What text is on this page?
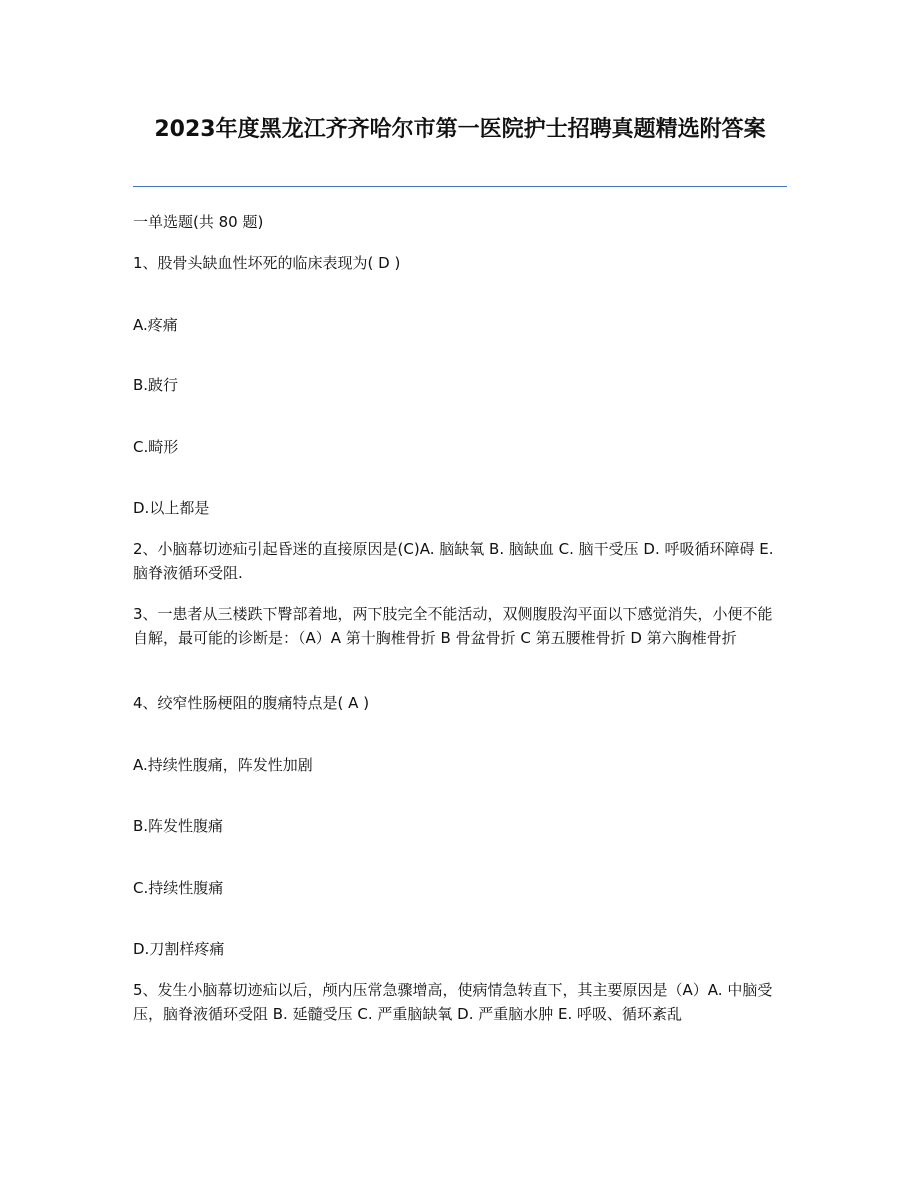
2023年度黑龙江齐齐哈尔市第一医院护士招聘真题精选附答案
一单选题(共 80 题)
1、股骨头缺血性坏死的临床表现为( D )
A.疼痛
B.跛行
C.畸形
D.以上都是
2、小脑幕切迹疝引起昏迷的直接原因是(C)A. 脑缺氧 B. 脑缺血 C. 脑干受压 D. 呼吸循环障碍 E. 脑脊液循环受阻.
3、一患者从三楼跌下臀部着地，两下肢完全不能活动，双侧腹股沟平面以下感觉消失，小便不能自解，最可能的诊断是：（A）A 第十胸椎骨折 B 骨盆骨折 C 第五腰椎骨折 D 第六胸椎骨折
4、绞窄性肠梗阻的腹痛特点是( A )
A.持续性腹痛，阵发性加剧
B.阵发性腹痛
C.持续性腹痛
D.刀割样疼痛
5、发生小脑幕切迹疝以后，颅内压常急骤增高，使病情急转直下，其主要原因是（A）A. 中脑受压，脑脊液循环受阻 B. 延髓受压 C. 严重脑缺氧 D. 严重脑水肿 E. 呼吸、循环紊乱
